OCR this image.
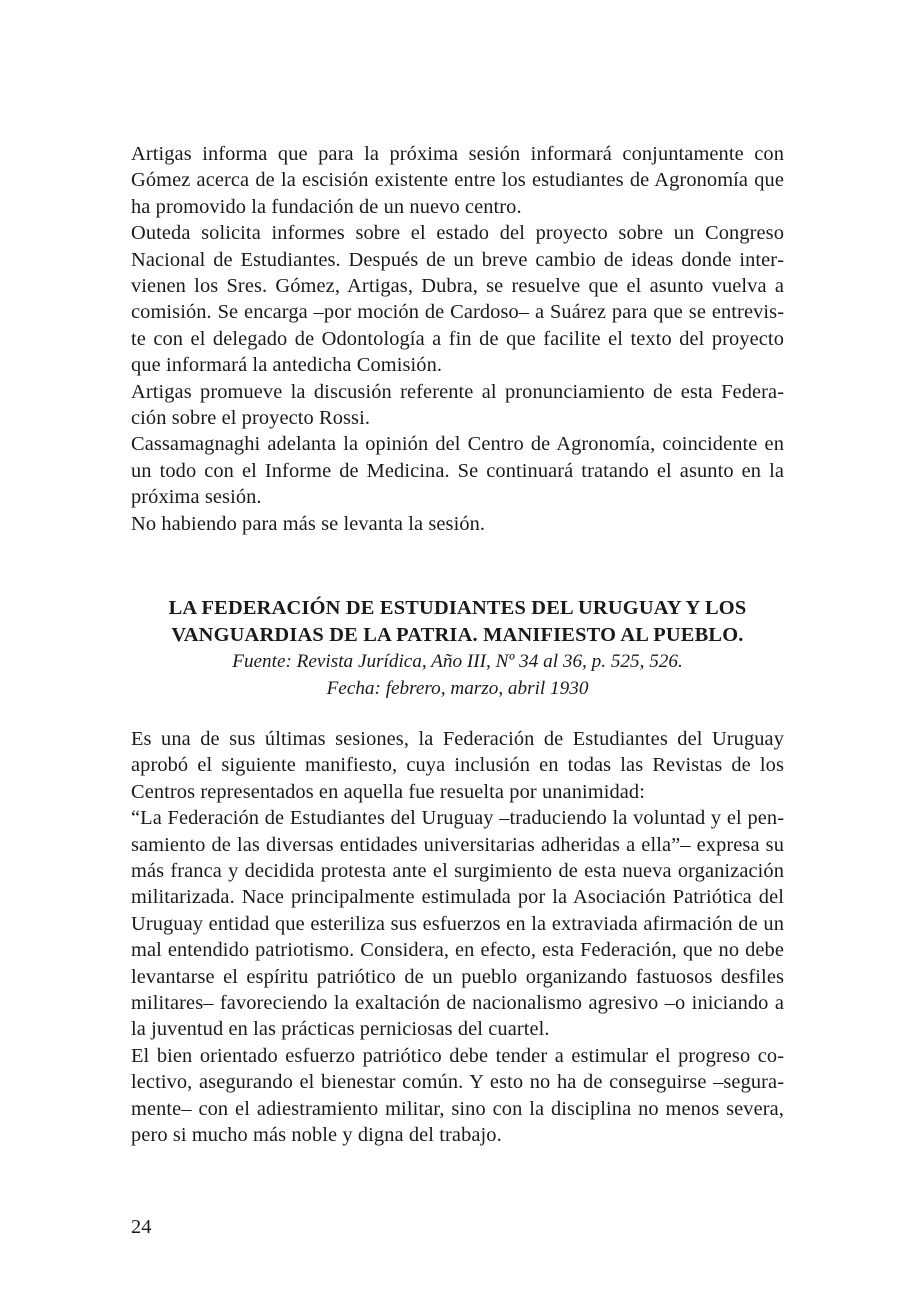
Artigas informa que para la próxima sesión informará conjuntamente con Gómez acerca de la escisión existente entre los estudiantes de Agronomía que ha promovido la fundación de un nuevo centro.

Outeda solicita informes sobre el estado del proyecto sobre un Congreso Nacional de Estudiantes. Después de un breve cambio de ideas donde intervienen los Sres. Gómez, Artigas, Dubra, se resuelve que el asunto vuelva a comisión. Se encarga –por moción de Cardoso– a Suárez para que se entreviste con el delegado de Odontología a fin de que facilite el texto del proyecto que informará la antedicha Comisión.

Artigas promueve la discusión referente al pronunciamiento de esta Federación sobre el proyecto Rossi.

Cassamagnaghi adelanta la opinión del Centro de Agronomía, coincidente en un todo con el Informe de Medicina. Se continuará tratando el asunto en la próxima sesión.

No habiendo para más se levanta la sesión.

LA FEDERACIÓN DE ESTUDIANTES DEL URUGUAY Y LOS
VANGUARDIAS DE LA PATRIA. MANIFIESTO AL PUEBLO.

Fuente: Revista Jurídica, Año III, Nº 34 al 36, p. 525, 526.

Fecha: febrero, marzo, abril 1930

Es una de sus últimas sesiones, la Federación de Estudiantes del Uruguay aprobó el siguiente manifiesto, cuya inclusión en todas las Revistas de los Centros representados en aquella fue resuelta por unanimidad:

“La Federación de Estudiantes del Uruguay –traduciendo la voluntad y el pensamiento de las diversas entidades universitarias adheridas a ella”– expresa su más franca y decidida protesta ante el surgimiento de esta nueva organización militarizada. Nace principalmente estimulada por la Asociación Patriótica del Uruguay entidad que esteriliza sus esfuerzos en la extraviada afirmación de un mal entendido patriotismo. Considera, en efecto, esta Federación, que no debe levantarse el espíritu patriótico de un pueblo organizando fastuosos desfiles militares– favoreciendo la exaltación de nacionalismo agresivo –o iniciando a la juventud en las prácticas perniciosas del cuartel.

El bien orientado esfuerzo patriótico debe tender a estimular el progreso colectivo, asegurando el bienestar común. Y esto no ha de conseguirse –seguramente– con el adiestramiento militar, sino con la disciplina no menos severa, pero si mucho más noble y digna del trabajo.

24
